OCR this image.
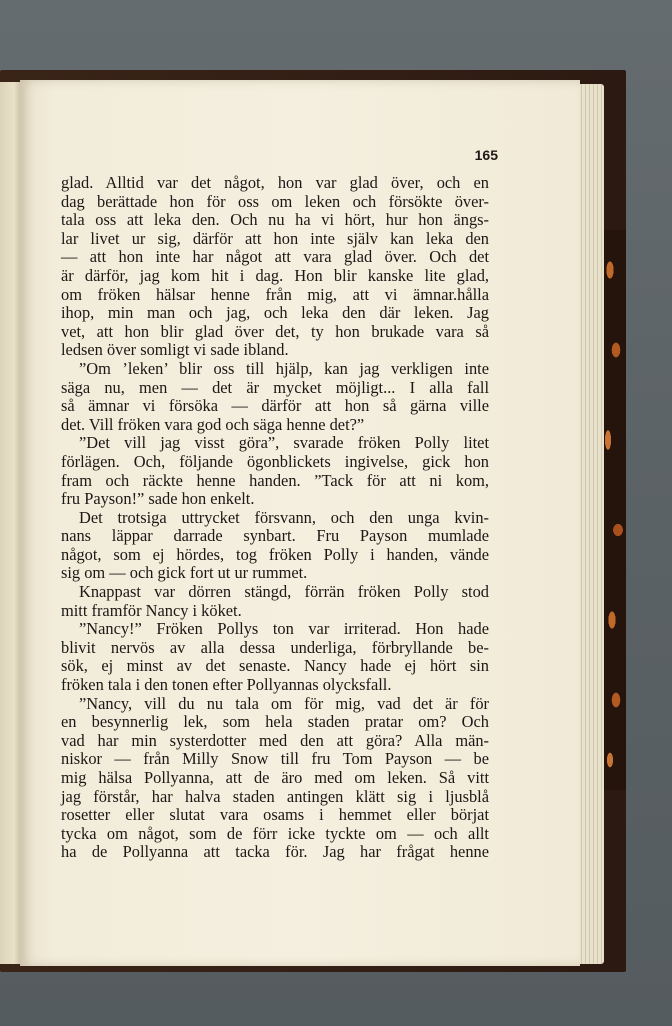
165
glad. Alltid var det något, hon var glad över, och en
dag berättade hon för oss om leken och försökte över-
tala oss att leka den. Och nu ha vi hört, hur hon ängs-
lar livet ur sig, därför att hon inte själv kan leka den
— att hon inte har något att vara glad över. Och det
är därför, jag kom hit i dag. Hon blir kanske lite glad,
om fröken hälsar henne från mig, att vi ämnar.hålla
ihop, min man och jag, och leka den där leken. Jag
vet, att hon blir glad över det, ty hon brukade vara så
ledsen över somligt vi sade ibland.
”Om ’leken’ blir oss till hjälp, kan jag verkligen inte
säga nu, men — det är mycket möjligt... I alla fall
så ämnar vi försöka — därför att hon så gärna ville
det. Vill fröken vara god och säga henne det?”
”Det vill jag visst göra”, svarade fröken Polly litet
förlägen. Och, följande ögonblickets ingivelse, gick hon
fram och räckte henne handen. ”Tack för att ni kom,
fru Payson!” sade hon enkelt.
Det trotsiga uttrycket försvann, och den unga kvin-
nans läppar darrade synbart. Fru Payson mumlade
något, som ej hördes, tog fröken Polly i handen, vände
sig om — och gick fort ut ur rummet.
Knappast var dörren stängd, förrän fröken Polly stod
mitt framför Nancy i köket.
”Nancy!” Fröken Pollys ton var irriterad. Hon hade
blivit nervös av alla dessa underliga, förbryllande be-
sök, ej minst av det senaste. Nancy hade ej hört sin
fröken tala i den tonen efter Pollyannas olycksfall.
”Nancy, vill du nu tala om för mig, vad det är för
en besynnerlig lek, som hela staden pratar om? Och
vad har min systerdotter med den att göra? Alla män-
niskor — från Milly Snow till fru Tom Payson — be
mig hälsa Pollyanna, att de äro med om leken. Så vitt
jag förstår, har halva staden antingen klätt sig i ljusblå
rosetter eller slutat vara osams i hemmet eller börjat
tycka om något, som de förr icke tyckte om — och allt
ha de Pollyanna att tacka för. Jag har frågat henne
